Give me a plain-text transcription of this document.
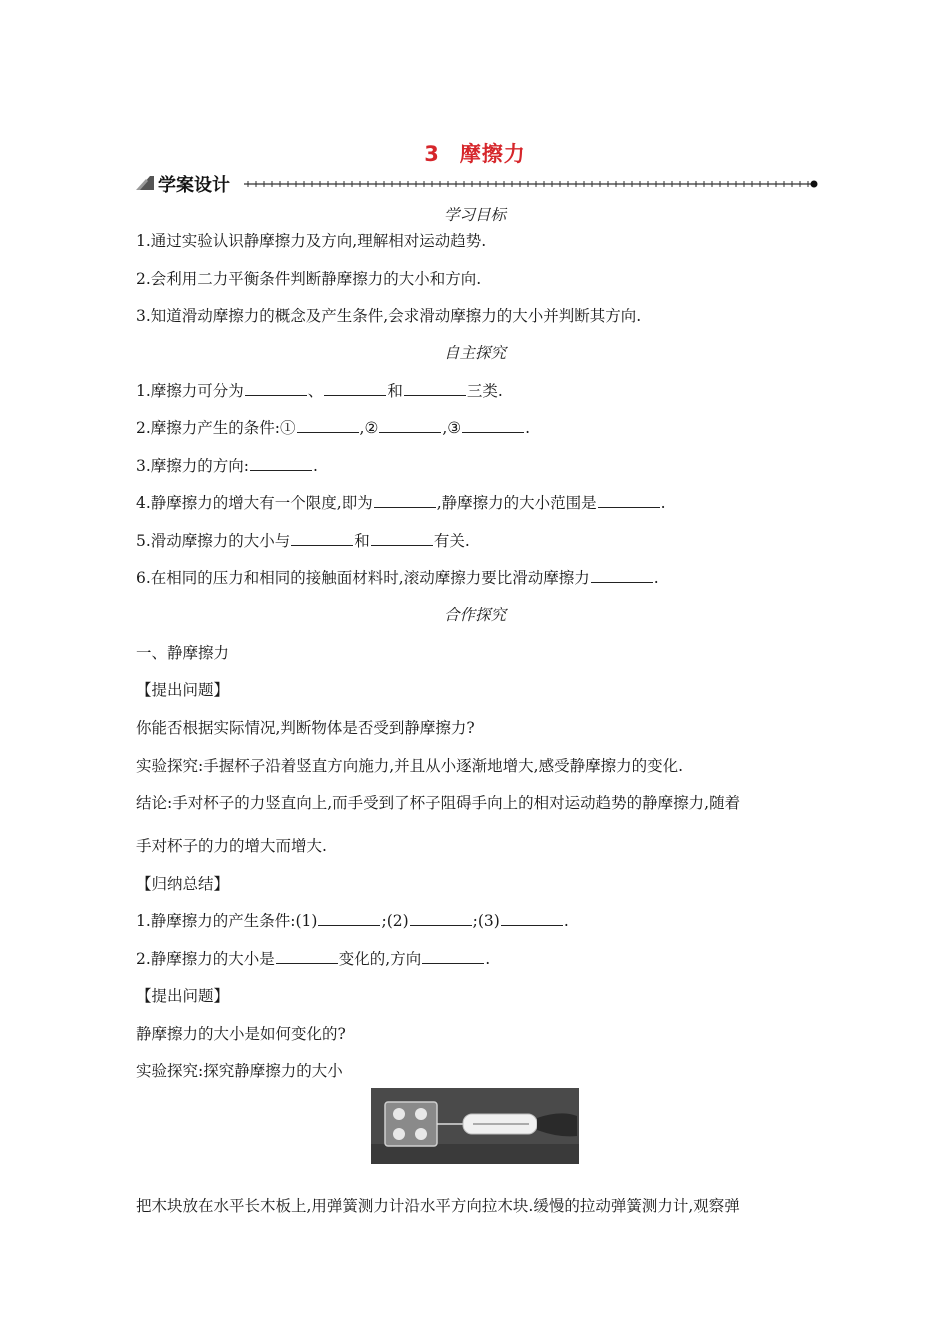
3 摩擦力
学案设计
学习目标
1.通过实验认识静摩擦力及方向,理解相对运动趋势.
2.会利用二力平衡条件判断静摩擦力的大小和方向.
3.知道滑动摩擦力的概念及产生条件,会求滑动摩擦力的大小并判断其方向.
自主探究
1.摩擦力可分为	、	和	三类.
2.摩擦力产生的条件:①	,②	,③	.
3.摩擦力的方向:	.
4.静摩擦力的增大有一个限度,即为	,静摩擦力的大小范围是	.
5.滑动摩擦力的大小与	和	有关.
6.在相同的压力和相同的接触面材料时,滚动摩擦力要比滑动摩擦力	.
合作探究
一、静摩擦力
【提出问题】
你能否根据实际情况,判断物体是否受到静摩擦力?
实验探究:手握杯子沿着竖直方向施力,并且从小逐渐地增大,感受静摩擦力的变化.
结论:手对杯子的力竖直向上,而手受到了杯子阻碍手向上的相对运动趋势的静摩擦力,随着
手对杯子的力的增大而增大.
【归纳总结】
1.静摩擦力的产生条件:(1)	;(2)	;(3)	.
2.静摩擦力的大小是	变化的,方向	.
【提出问题】
静摩擦力的大小是如何变化的?
实验探究:探究静摩擦力的大小
把木块放在水平长木板上,用弹簧测力计沿水平方向拉木块.缓慢的拉动弹簧测力计,观察弹
